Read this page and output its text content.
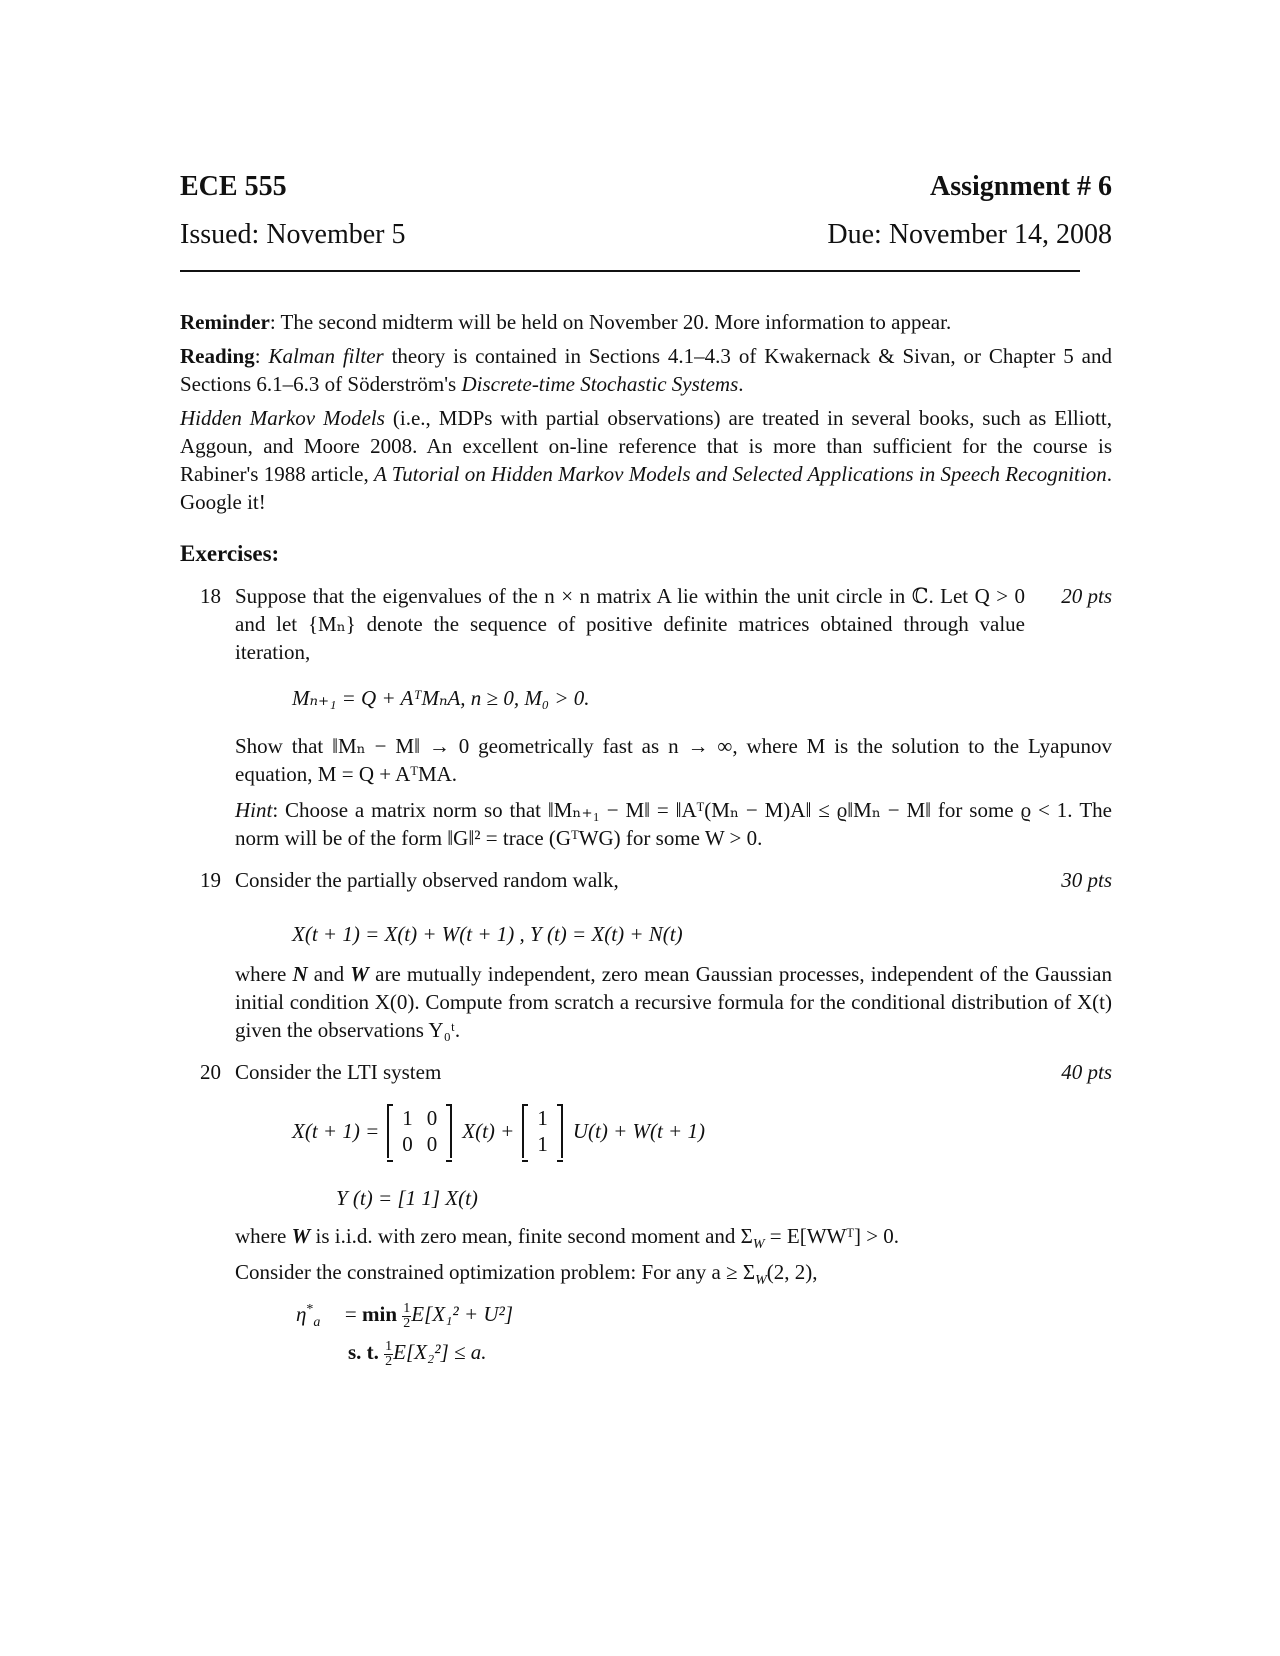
ECE 555	Assignment # 6
Issued: November 5	Due: November 14, 2008
Reminder: The second midterm will be held on November 20. More information to appear.
Reading: Kalman filter theory is contained in Sections 4.1–4.3 of Kwakernack & Sivan, or Chapter 5 and Sections 6.1–6.3 of Söderström's Discrete-time Stochastic Systems.
Hidden Markov Models (i.e., MDPs with partial observations) are treated in several books, such as Elliott, Aggoun, and Moore 2008. An excellent on-line reference that is more than sufficient for the course is Rabiner's 1988 article, A Tutorial on Hidden Markov Models and Selected Applications in Speech Recognition. Google it!
Exercises:
18	20 pts
Suppose that the eigenvalues of the n × n matrix A lie within the unit circle in ℂ. Let Q > 0 and let {Mₙ} denote the sequence of positive definite matrices obtained through value iteration,
Mₙ₊₁ = Q + AᵀMₙA, n ≥ 0, M₀ > 0.
Show that ‖Mₙ − M‖ → 0 geometrically fast as n → ∞, where M is the solution to the Lyapunov equation, M = Q + AᵀMA.
Hint: Choose a matrix norm so that ‖Mₙ₊₁ − M‖ = ‖Aᵀ(Mₙ − M)A‖ ≤ ϱ‖Mₙ − M‖ for some ϱ < 1. The norm will be of the form ‖G‖² = trace (GᵀWG) for some W > 0.
19	30 pts
Consider the partially observed random walk,
X(t + 1) = X(t) + W(t + 1) , Y (t) = X(t) + N(t)
where N and W are mutually independent, zero mean Gaussian processes, independent of the Gaussian initial condition X(0). Compute from scratch a recursive formula for the conditional distribution of X(t) given the observations Y₀ᵗ.
20	40 pts
Consider the LTI system
X(t + 1) =
1	0
0	0
X(t) +
1
1
U(t) + W(t + 1)
Y (t) = [1 1] X(t)
where W is i.i.d. with zero mean, finite second moment and $\Sigma_W$ = E[WWᵀ] > 0.
Consider the constrained optimization problem: For any $a \ge \Sigma_W(2$, 2),
$\eta^*_a = \min \frac{1}{2} E[X_1^2 + U^2]$
s. t. $\frac{1}{2} E[X_2^2] \le a$.
